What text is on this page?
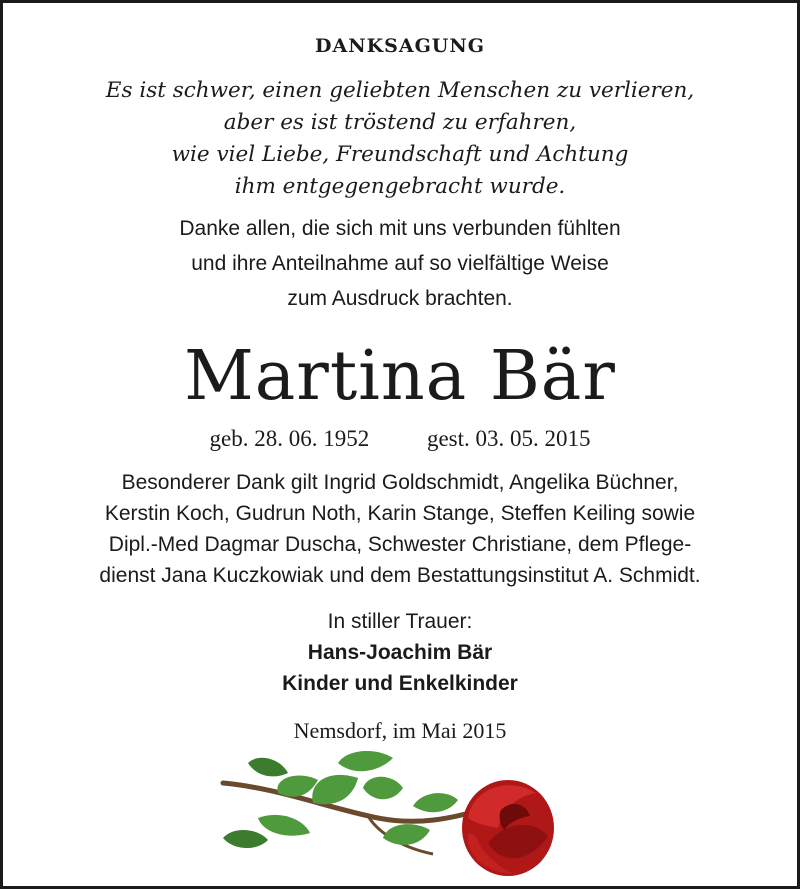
DANKSAGUNG
Es ist schwer, einen geliebten Menschen zu verlieren,
aber es ist tröstend zu erfahren,
wie viel Liebe, Freundschaft und Achtung
ihm entgegengebracht wurde.
Danke allen, die sich mit uns verbunden fühlten
und ihre Anteilnahme auf so vielfältige Weise
zum Ausdruck brachten.
Martina Bär
geb. 28. 06. 1952	gest. 03. 05. 2015
Besonderer Dank gilt Ingrid Goldschmidt, Angelika Büchner,
Kerstin Koch, Gudrun Noth, Karin Stange, Steffen Keiling sowie
Dipl.-Med Dagmar Duscha, Schwester Christiane, dem Pflege-
dienst Jana Kuczkowiak und dem Bestattungsinstitut A. Schmidt.
In stiller Trauer:
Hans-Joachim Bär
Kinder und Enkelkinder
Nemsdorf, im Mai 2015
